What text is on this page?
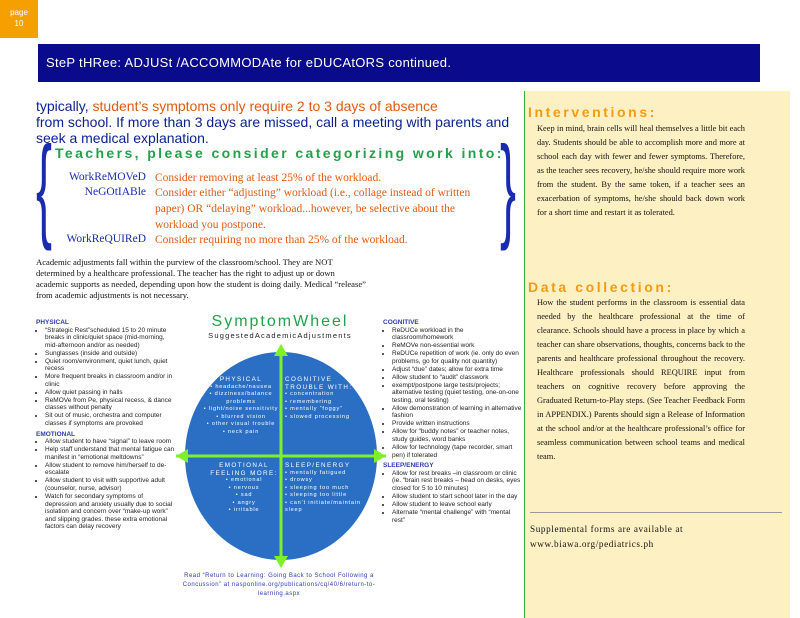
page
10
SteP tHRee: ADJUSt /ACCOMMODAte for eDUCAtORS continued.
typically, student’s symptoms only require 2 to 3 days of absence  from school. If more than 3 days are missed, call a meeting with parents and seek a medical explanation.
{	}
Teachers, please consider categorizing work into:
WorkReMOVeD Consider removing at least 25% of the workload.
NeGOtIABle Consider either “adjusting” workload (i.e., collage instead of written paper) OR “delaying” workload...however, be selective about the workload you postpone.
WorkReQUIReD Consider requiring no more than 25% of the workload.
Academic adjustments fall within the purview of the classroom/school. They are NOT determined by a healthcare professional. The teacher has the right to adjust up or down academic supports as needed, depending upon how the student is doing daily. Medical “release” from academic adjustments is not necessary.
PHYSICAL
• “Strategic Rest”scheduled 15 to 20 minute breaks in clinic/quiet space (mid-morning, mid-afternoon and/or as needed)
• Sunglasses (inside and outside)
• Quiet room/environment, quiet lunch, quiet recess
• More frequent breaks in classroom and/or in clinic
• Allow quiet passing in halls
• ReMOVe from Pe, physical recess, & dance classes without penalty
• Sit out of music, orchestra and computer classes if symptoms are provoked
EMOTIONAL
• Allow student to have “signal” to leave room
• Help staff understand that mental fatigue can manifest in “emotional meltdowns”
• Allow student to remove him/herself to de-escalate
• Allow student to visit with supportive adult (counselor, nurse, advisor)
• Watch for secondary symptoms of depression and anxiety usually due to social isolation and concern over “make-up work” and slipping grades. these extra emotional factors can delay recovery
COGNITIVE
• ReDUCe workload in the classroom/homework
• ReMOVe non-essential work
• ReDUCe repetition of work (ie. only do even problems, go for quality not quantity)
• Adjust “due” dates; allow for extra time
• Allow student to “audit” classwork
• exempt/postpone large tests/projects; alternative testing (quiet testing, one-on-one testing, oral testing)
• Allow demonstration of learning in alternative fashion
• Provide written instructions
• Allow for “buddy notes” or teacher notes, study guides, word banks
• Allow for technology (tape recorder, smart pen) if tolerated
SLEEP/ENERGY
• Allow for rest breaks –in classroom or clinic (ie. “brain rest breaks – head on desks, eyes closed for 5 to 10 minutes)
• Allow student to start school later in the day
• Allow student to leave school early
• Alternate “mental challenge” with “mental rest”
SymptomWheel
SuggestedAcademicAdjustments
PHYSICAL
• headache/nausea
• dizziness/balance problems
• light/noise sensitivity
• blurred vision
• other visual trouble
• neck pain
COGNITIVE TROUBLE WITH:
• concentration
• remembering
• mentally “foggy”
• slowed processing
EMOTIONAL FEELING MORE:
• emotional
• nervous
• sad
• angry
• irritable
SLEEP/ENERGY
• mentally fatigued
• drowsy
• sleeping too much
• sleeping too little
• can’t initiate/maintain sleep
Read “Return to Learning: Going Back to School Following a Concussion” at nasponline.org/publications/cq/40/6/return-to-learning.aspx
Interventions:
Keep in mind, brain cells will heal themselves a little bit each day. Students should be able to accomplish more and more at school each day with fewer and fewer symptoms. Therefore, as the teacher sees recovery, he/she should require more work from the student. By the same token, if a teacher sees an exacerbation of symptoms, he/she should back down work for a short time and restart it as tolerated.
Data collection:
How the student performs in the classroom is essential data needed by the healthcare professional at the time of clearance. Schools should have a process in place by which a teacher can share observations, thoughts, concerns back to the parents and healthcare professional throughout the recovery. Healthcare professionals should REQUIRE input from teachers on cognitive recovery before approving the Graduated Return-to-Play steps. (See Teacher Feedback Form in APPENDIX.) Parents should sign a Release of Information at the school and/or at the healthcare professional’s office for seamless communication between school teams and medical team.
Supplemental forms are available at
www.biawa.org/pediatrics.ph
